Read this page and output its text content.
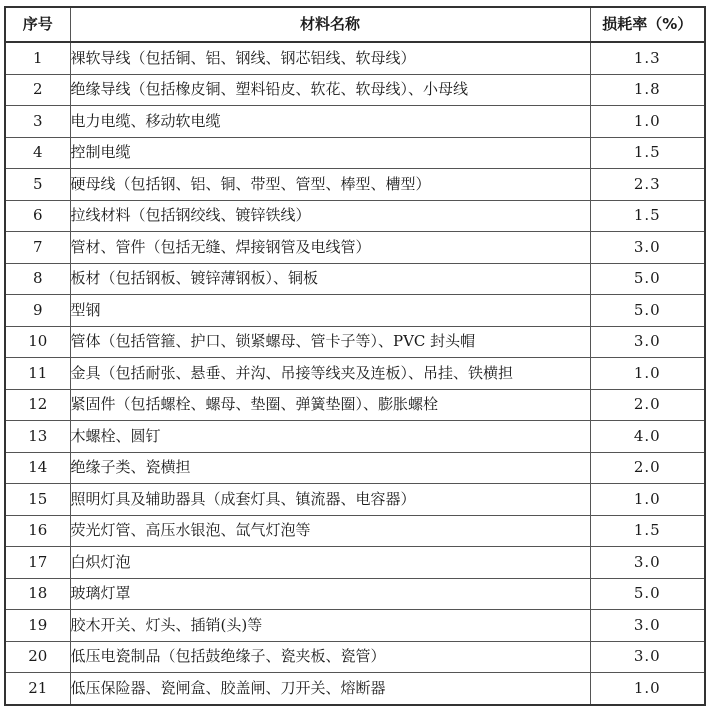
序号	材料名称	损耗率（%）
1	裸软导线（包括铜、铝、钢线、钢芯铝线、软母线）	1.3
2	绝缘导线（包括橡皮铜、塑料铅皮、软花、软母线）、小母线	1.8
3	电力电缆、移动软电缆	1.0
4	控制电缆	1.5
5	硬母线（包括钢、铝、铜、带型、管型、棒型、槽型）	2.3
6	拉线材料（包括钢绞线、镀锌铁线）	1.5
7	管材、管件（包括无缝、焊接钢管及电线管）	3.0
8	板材（包括钢板、镀锌薄钢板）、铜板	5.0
9	型钢	5.0
10	管体（包括管箍、护口、锁紧螺母、管卡子等）、PVC 封头帽	3.0
11	金具（包括耐张、悬垂、并沟、吊接等线夹及连板）、吊挂、铁横担	1.0
12	紧固件（包括螺栓、螺母、垫圈、弹簧垫圈）、膨胀螺栓	2.0
13	木螺栓、圆钉	4.0
14	绝缘子类、瓷横担	2.0
15	照明灯具及辅助器具（成套灯具、镇流器、电容器）	1.0
16	荧光灯管、高压水银泡、氙气灯泡等	1.5
17	白炽灯泡	3.0
18	玻璃灯罩	5.0
19	胶木开关、灯头、插销(头)等	3.0
20	低压电瓷制品（包括鼓绝缘子、瓷夹板、瓷管）	3.0
21	低压保险器、瓷闸盒、胶盖闸、刀开关、熔断器	1.0
